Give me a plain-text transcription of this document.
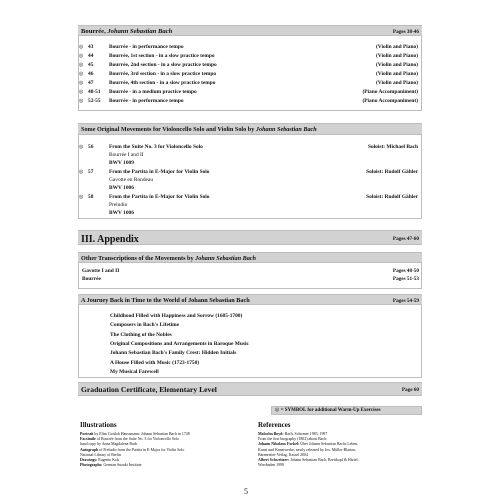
Bourrée, Johann Sebastian Bach	Pages 38-46
◎ 43	Bourrée - in performance tempo	(Violin and Piano)
◎ 44	Bourrée, 1st section - in a slow practice tempo	(Violin and Piano)
◎ 45	Bourrée, 2nd section - in a slow practice tempo	(Violin and Piano)
◎ 46	Bourrée, 3rd section - in a slow practice tempo	(Violin and Piano)
◎ 47	Bourrée, 4th section - in a slow practice tempo	(Violin and Piano)
◎ 48-51 Bourrée - in a medium practice tempo	(Piano Accompaniment)
◎ 52-55 Bourrée - in performance tempo	(Piano Accompaniment)
Some Original Movements for Violoncello Solo and Violin Solo by Johann Sebastian Bach
◎ 56	From the Suite No. 3 for Violoncello Solo	Soloist: Michael Bach
Bourrée I and II
BWV 1009
◎ 57	From the Partita in E-Major for Violin Solo	Soloist: Rudolf Gähler
Gavotte en Rondeau
BWV 1006
◎ 58	From the Partita in E-Major for Violin Solo	Soloist: Rudolf Gähler
Preludio
BWV 1006
III. Appendix	Pages 47-60
Other Transcriptions of the Movements by Johann Sebastian Bach
Gavotte I and II	Pages 48-50
Bourrée	Pages 51-53
A Journey Back in Time to the World of Johann Sebastian Bach	Pages 54-59
Childhood Filled with Happiness and Sorrow (1685-1700)
Composers in Bach's Lifetime
The Clothing of the Nobles
Original Compositions and Arrangements in Baroque Music
Johann Sebastian Bach's Family Crest: Hidden Initials
A House Filled with Music (1723-1750)
My Musical Farewell
Graduation Certificate, Elementary Level	Page 60
◎ = SYMBOL for additional Warm-Up Exercises
Illustrations
Portrait by Elias Gottlob Haussmann: Johann Sebastian Bach in 1748
Facsimile of Bourrée from the Suite No. 3 for Violoncello Solo
hand copy by Anna Magdalena Bach
Autograph of Preludio from the Partita in E-Major for Violin Solo
National Library of Berlin
Drawings: Eugenio Kok
Photographs: German Suzuki Institute
References
Malcolm Boyd: Bach, Schirmer 1983, 1997
From the first biography (1802) about Bach:
Johann Nikolaus Forkel: Über Johann Sebastian Bachs Leben,
Kunst und Kunstwerke, newly released by Jos. Müller-Blattau,
Bärenreiter-Verlag, Kassel 2004
Albert Schweitzer: Johann Sebastian Bach, Breitkopf & Härtel,
Wiesbaden 1990
5
